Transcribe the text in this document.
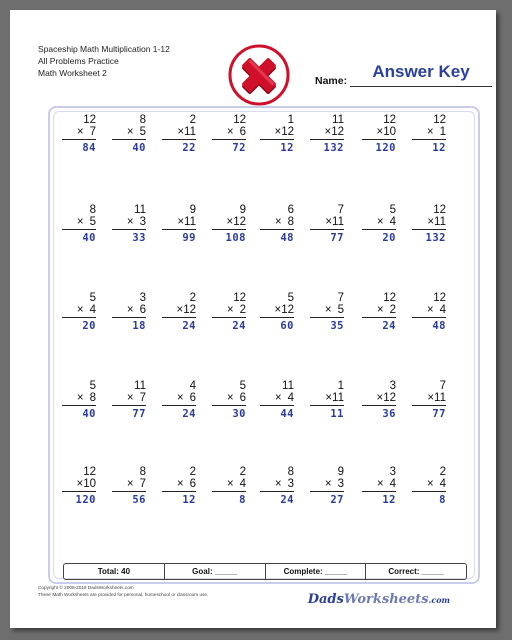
Spaceship Math Multiplication 1-12
All Problems Practice
Math Worksheet 2
Name:	Answer Key
12
× 7
84
8
× 5
40
2
×11
22
12
× 6
72
1
×12
12
11
×12
132
12
×10
120
12
× 1
12
8
× 5
40
11
× 3
33
9
×11
99
9
×12
108
6
× 8
48
7
×11
77
5
× 4
20
12
×11
132
5
× 4
20
3
× 6
18
2
×12
24
12
× 2
24
5
×12
60
7
× 5
35
12
× 2
24
12
× 4
48
5
× 8
40
11
× 7
77
4
× 6
24
5
× 6
30
11
× 4
44
1
×11
11
3
×12
36
7
×11
77
12
×10
120
8
× 7
56
2
× 6
12
2
× 4
8
8
× 3
24
9
× 3
27
3
× 4
12
2
× 4
8
Total: 40	Goal: _____	Complete: _____	Correct: _____
Copyright © 2008-2018 DadsWorksheets.com
These Math Worksheets are provided for personal, homeschool or classroom use.	DadsWorksheets.com
